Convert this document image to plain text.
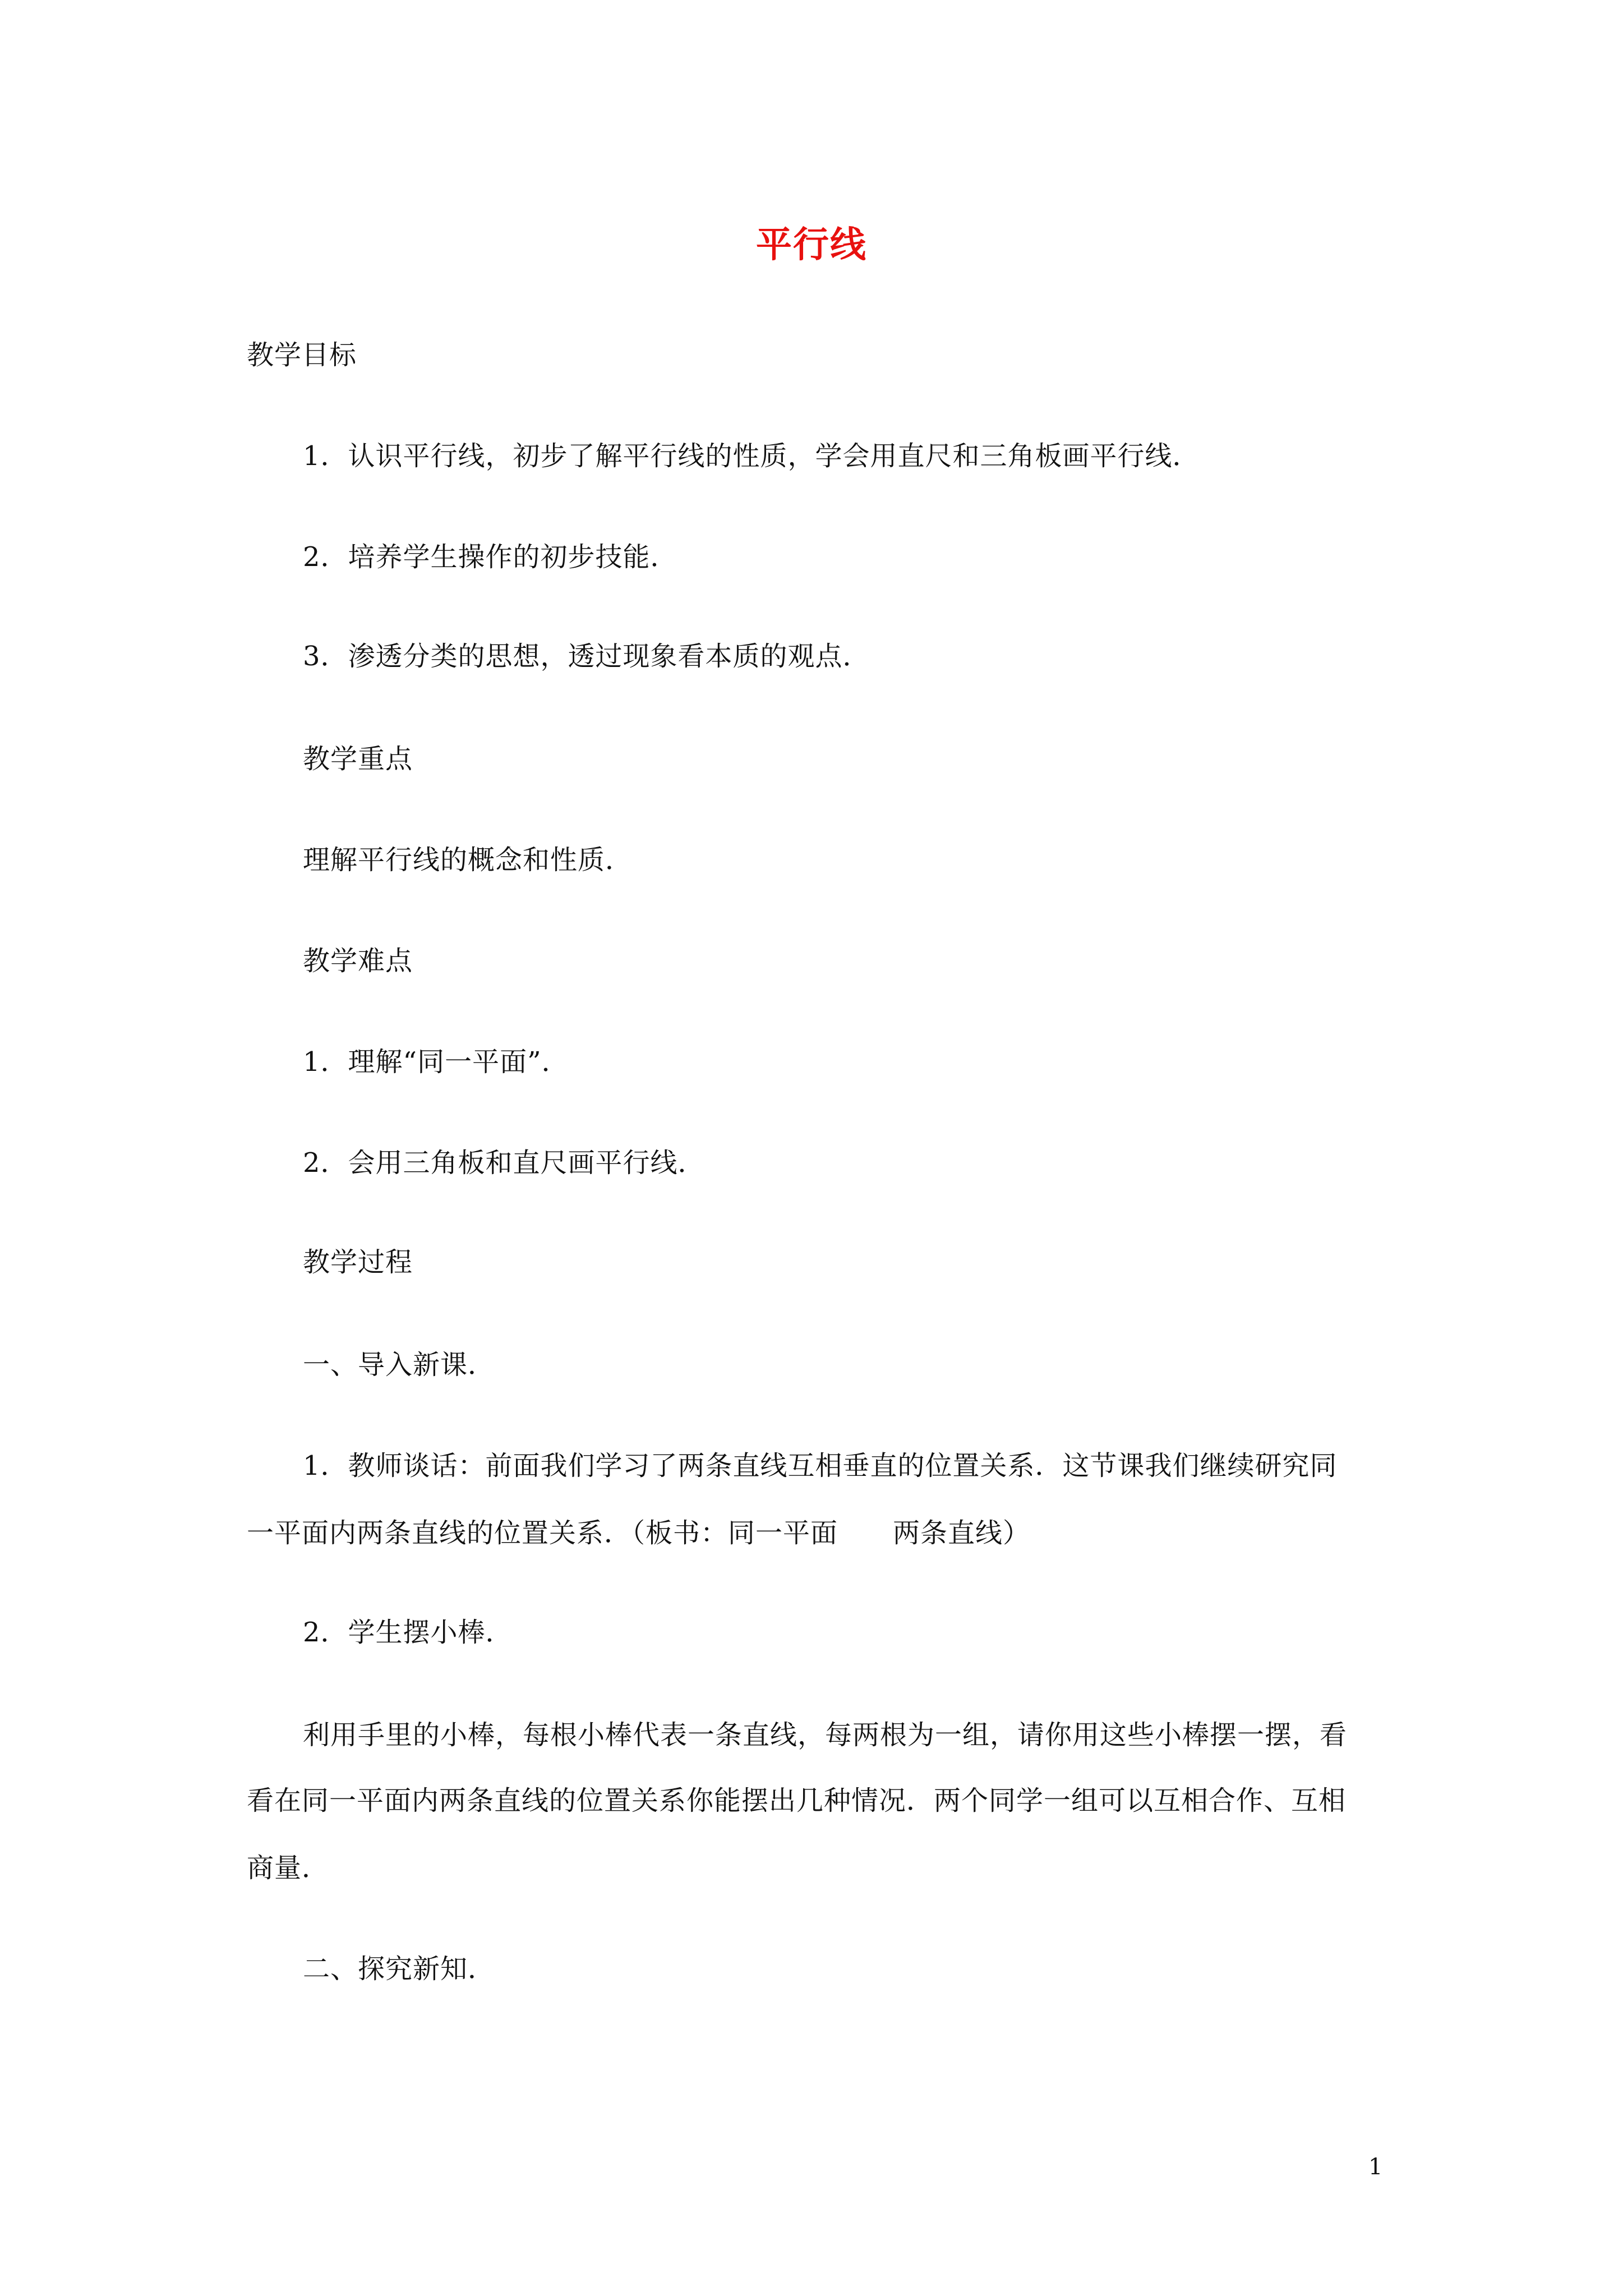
平行线
教学目标
1．认识平行线，初步了解平行线的性质，学会用直尺和三角板画平行线．
2．培养学生操作的初步技能．
3．渗透分类的思想，透过现象看本质的观点．
教学重点
理解平行线的概念和性质．
教学难点
1．理解“同一平面”．
2．会用三角板和直尺画平行线．
教学过程
一、导入新课．
1．教师谈话：前面我们学习了两条直线互相垂直的位置关系．这节课我们继续研究同
一平面内两条直线的位置关系．（板书：同一平面　　两条直线）
2．学生摆小棒．
利用手里的小棒，每根小棒代表一条直线，每两根为一组，请你用这些小棒摆一摆，看
看在同一平面内两条直线的位置关系你能摆出几种情况．两个同学一组可以互相合作、互相
商量．
二、探究新知．
1
